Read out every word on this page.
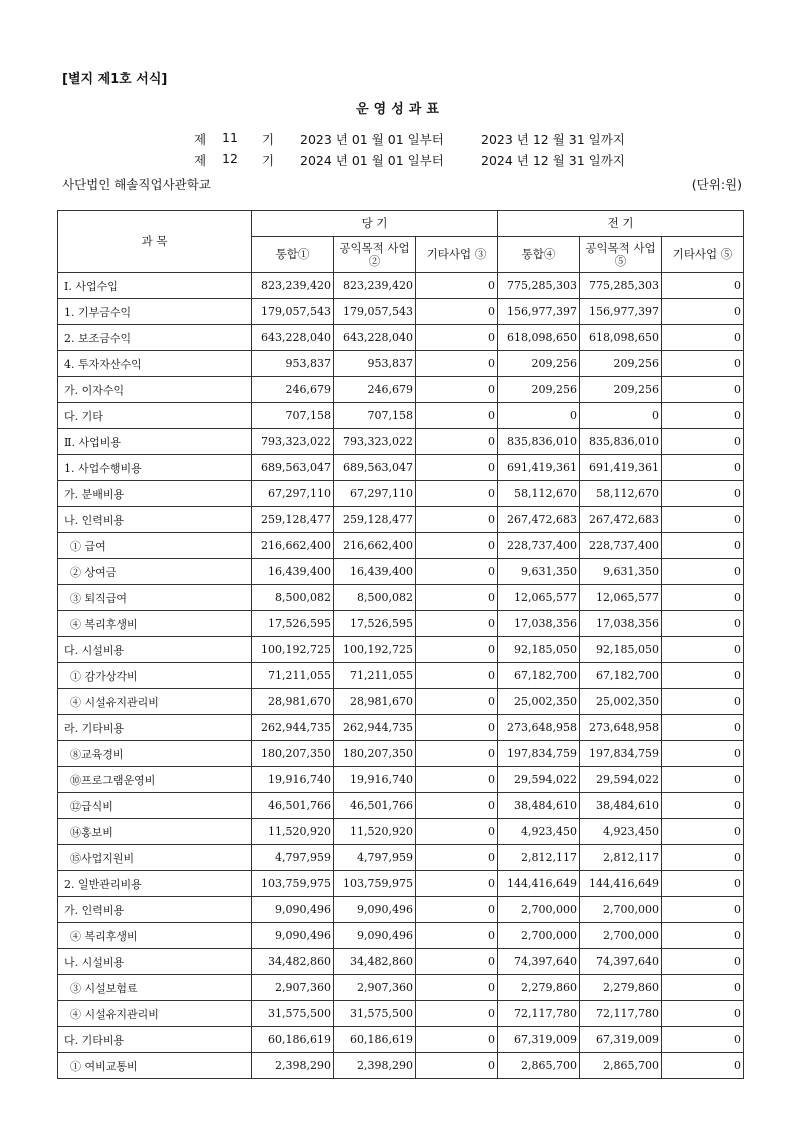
[별지 제1호 서식]
운영성과표
제 11 기 2023 년 01 월 01 일부터	2023 년 12 월 31 일까지
제 12 기 2024 년 01 월 01 일부터	2024 년 12 월 31 일까지
사단법인 해솔직업사관학교	(단위:원)
과 목	당 기			전 기		
	통합①	공익목적 사업②	기타사업 ③	통합④	공익목적 사업⑤	기타사업 ⑤
Ⅰ. 사업수입	823,239,420	823,239,420	0	775,285,303	775,285,303	0
1. 기부금수익	179,057,543	179,057,543	0	156,977,397	156,977,397	0
2. 보조금수익	643,228,040	643,228,040	0	618,098,650	618,098,650	0
4. 투자자산수익	953,837	953,837	0	209,256	209,256	0
가. 이자수익	246,679	246,679	0	209,256	209,256	0
다. 기타	707,158	707,158	0	0	0	0
Ⅱ. 사업비용	793,323,022	793,323,022	0	835,836,010	835,836,010	0
1. 사업수행비용	689,563,047	689,563,047	0	691,419,361	691,419,361	0
가. 분배비용	67,297,110	67,297,110	0	58,112,670	58,112,670	0
나. 인력비용	259,128,477	259,128,477	0	267,472,683	267,472,683	0
① 급여	216,662,400	216,662,400	0	228,737,400	228,737,400	0
② 상여금	16,439,400	16,439,400	0	9,631,350	9,631,350	0
③ 퇴직급여	8,500,082	8,500,082	0	12,065,577	12,065,577	0
④ 복리후생비	17,526,595	17,526,595	0	17,038,356	17,038,356	0
다. 시설비용	100,192,725	100,192,725	0	92,185,050	92,185,050	0
① 감가상각비	71,211,055	71,211,055	0	67,182,700	67,182,700	0
④ 시설유지관리비	28,981,670	28,981,670	0	25,002,350	25,002,350	0
라. 기타비용	262,944,735	262,944,735	0	273,648,958	273,648,958	0
⑧교육경비	180,207,350	180,207,350	0	197,834,759	197,834,759	0
⑩프로그램운영비	19,916,740	19,916,740	0	29,594,022	29,594,022	0
⑫급식비	46,501,766	46,501,766	0	38,484,610	38,484,610	0
⑭홍보비	11,520,920	11,520,920	0	4,923,450	4,923,450	0
⑮사업지원비	4,797,959	4,797,959	0	2,812,117	2,812,117	0
2. 일반관리비용	103,759,975	103,759,975	0	144,416,649	144,416,649	0
가. 인력비용	9,090,496	9,090,496	0	2,700,000	2,700,000	0
④ 복리후생비	9,090,496	9,090,496	0	2,700,000	2,700,000	0
나. 시설비용	34,482,860	34,482,860	0	74,397,640	74,397,640	0
③ 시설보험료	2,907,360	2,907,360	0	2,279,860	2,279,860	0
④ 시설유지관리비	31,575,500	31,575,500	0	72,117,780	72,117,780	0
다. 기타비용	60,186,619	60,186,619	0	67,319,009	67,319,009	0
① 여비교통비	2,398,290	2,398,290	0	2,865,700	2,865,700	0
